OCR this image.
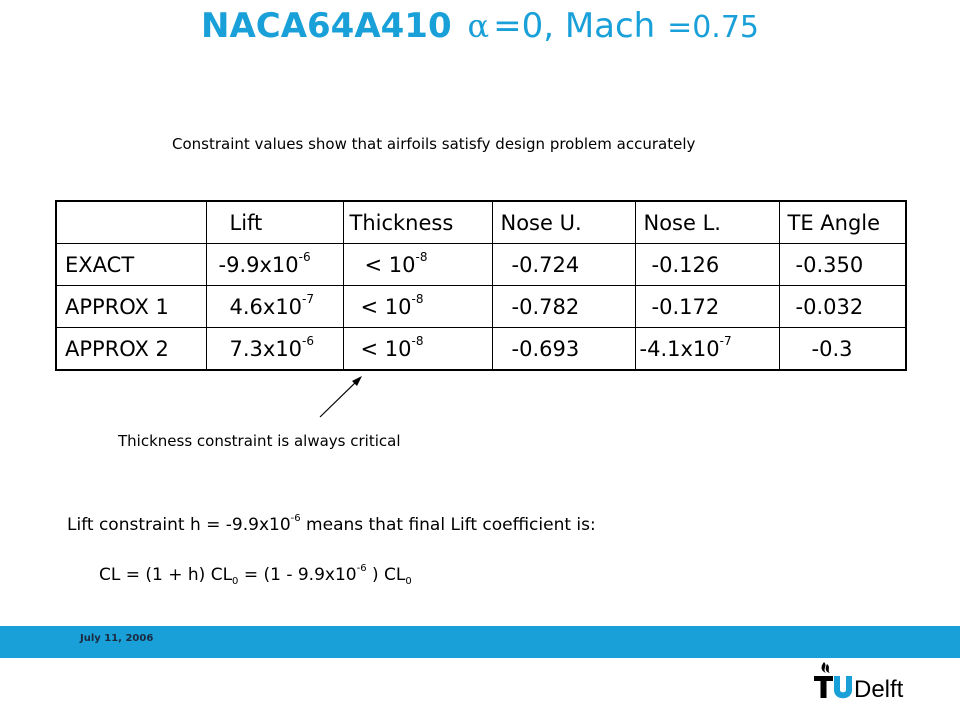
NACA64A410 α =0, Mach =0.75
Constraint values show that airfoils satisfy design problem accurately
	Lift	Thickness	Nose U.	Nose L.	TE Angle
EXACT	$-9.9x10^{-6}$	< $10^{-8}$	-0.724	-0.126	-0.350
APPROX 1	$4.6x10^{-7}$	< $10^{-8}$	-0.782	-0.172	-0.032
APPROX 2	$7.3x10^{-6}$	< $10^{-8}$	-0.693	$-4.1x10^{-7}$	-0.3
Thickness constraint is always critical
Lift constraint $h = -9.9x10^{-6}$ means that final Lift coefficient is:
CL = (1 + h) $CL_0 = (1 - 9.9x10^{-6}$ ) $CL_0$
July 11, 2006
Delft
